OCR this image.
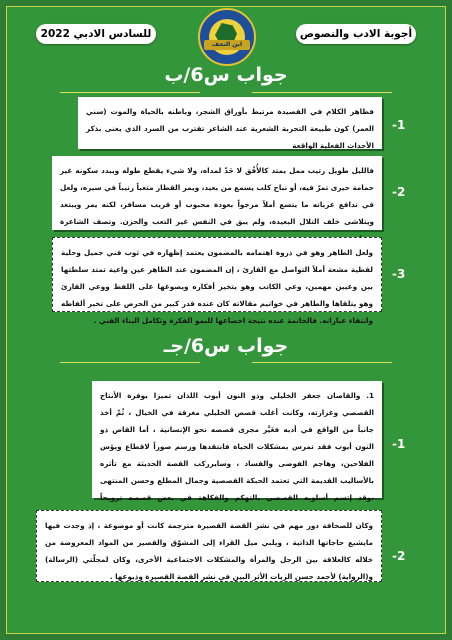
أجوبة الادب والنصوص
للسادس الادبي 2022
ابن النجف
جواب س6/ب
فظاهر الكلام في القصيدة مرتبط بأوراق الشجر، وباطنه بالحياة والموت (سني العمر) كون طبيعة التجربة الشعرية عند الشاعر تقترب من السرد الذي يعنى بذكر الأحداث الفعلية الواقعة
-1
فالليل طويل رتيب ممل يمتد كالأُفُق لا حَدّ لمداه، ولا شيء يقطع طوله ويبدد سكونه غير حمامة حيرى تمرّ فيه، أو نباح كلب يسمع من بعيد، ويمر القطار متعباً رتيباً في سيره، ولعل في تدافع عرباته ما يتسع أملاً مرجواً بعودة محبوب أو قريب مسافر، لكنه يمر ويبتعد ويتلاشى خلف التلال البعيدة، ولم يبق في النفس غير التعب والحزن. وتصف الشاعرة
-2
ولعل الطاهر وهو في ذروة اهتمامه بالمضمون يعتمد إظهاره في ثوب فني جميل وحلية لفظية مشعة أملاً التواصل مع القارئ ، إن المضمون عند الطاهر عين واعية تمتد سلطتها بين وعيين مهمين، وعي الكاتب وهو يتخير أفكاره ويصوغها على اللفظ ووعي القارئ وهو يتلقاها والطاهر في خواتيم مقالاته كان عنده قدر كبير من الحرص على تخير ألفاظه وانتقاء عباراته. فالخاتمة عنده نتيجة اخضاعها للنمو الفكرة وتكامل البناء الفني .
-3
جواب س6/جـ
1. والقاصان جعفر الخليلي وذو النون أيوب اللذان تميزا بوفرة الأنتاج القصصي وغزارته، وكانت أغلب قصص الخليلي مغرقة في الخيال ، ثُمّ أخذ جانباً من الواقع في أدبه فغَيَّر مجرى قصصه نحو الإنسانية ، أما القاص ذو النون أيوب فقد تمرس بمشكلات الحياة فانتقدها ورسم صوراً لاقطاع ويؤس الفلاحين، وهاجم الفوضى والفساد ، وسايرركب القصة الحديثة مع تأثره بالأساليب القديمة التي تعتمد الحبكة القصصية وجمال المطلع وحسن المنتهى ،وقد إتسم أسلوبه القصصي بالتهكم والفكاهة في بعض قصصه ترويحاً
-1
وكان للصحافة دور مهم في نشر القصة القصيرة مترجمة كانت أو موضوعة ، إذ وجدت فيها مايشبع حاجاتها الذاتية ، ويلبي ميل القراء إلى المشوّق والقصير من المواد المعروضة من خلاله كالعلاقة بين الرجل والمرأة والمشكلات الاجتماعية الأخرى، وكان لمجلّتي (الرسالة) و(الرواية) لأحمد حسن الزيات الأثر البين في نشر القصة القصيرة وذيوعها .
-2
